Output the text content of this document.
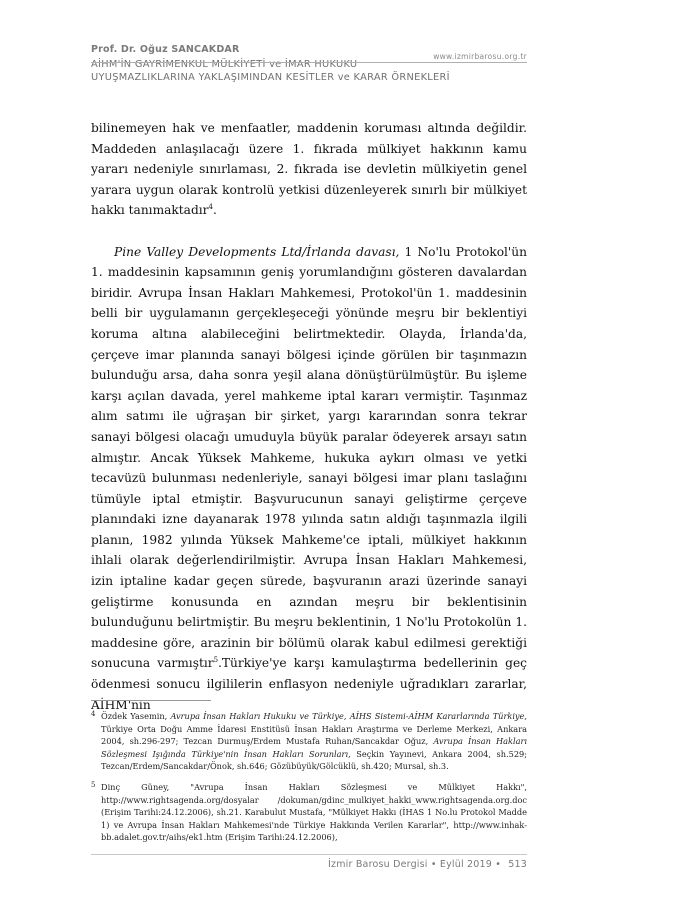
Prof. Dr. Oğuz SANCAKDAR
www.izmirbarosu.org.tr
AİHM'İN GAYRİMENKUL MÜLKİYETİ ve İMAR HUKUKU
UYUŞMAZLIKLARINA YAKLAŞIMINDAN KESİTLER ve KARAR ÖRNEKLERİ

bilinemeyen hak ve menfaatler, maddenin koruması altında değildir. Maddeden anlaşılacağı üzere 1. fıkrada mülkiyet hakkının kamu yararı nedeniyle sınırlaması, 2. fıkrada ise devletin mülkiyetin genel yarara uygun olarak kontrolü yetkisi düzenleyerek sınırlı bir mülkiyet hakkı tanımaktadır$^4$.

Pine Valley Developments Ltd/İrlanda davası, 1 No'lu Protokol'ün 1. maddesinin kapsamının geniş yorumlandığını gösteren davalardan biridir. Avrupa İnsan Hakları Mahkemesi, Protokol'ün 1. maddesinin belli bir uygulamanın gerçekleşeceği yönünde meşru bir beklentiyi koruma altına alabileceğini belirtmektedir. Olayda, İrlanda'da, çerçeve imar planında sanayi bölgesi içinde görülen bir taşınmazın bulunduğu arsa, daha sonra yeşil alana dönüştürülmüştür. Bu işleme karşı açılan davada, yerel mahkeme iptal kararı vermiştir. Taşınmaz alım satımı ile uğraşan bir şirket, yargı kararından sonra tekrar sanayi bölgesi olacağı umuduyla büyük paralar ödeyerek arsayı satın almıştır. Ancak Yüksek Mahkeme, hukuka aykırı olması ve yetki tecavüzü bulunması nedenleriyle, sanayi bölgesi imar planı taslağını tümüyle iptal etmiştir. Başvurucunun sanayi geliştirme çerçeve planındaki izne dayanarak 1978 yılında satın aldığı taşınmazla ilgili planın, 1982 yılında Yüksek Mahkeme'ce iptali, mülkiyet hakkının ihlali olarak değerlendirilmiştir. Avrupa İnsan Hakları Mahkemesi, izin iptaline kadar geçen sürede, başvuranın arazi üzerinde sanayi geliştirme konusunda en azından meşru bir beklentisinin bulunduğunu belirtmiştir. Bu meşru beklentinin, 1 No'lu Protokolün 1. maddesine göre, arazinin bir bölümü olarak kabul edilmesi gerektiği sonucuna varmıştır$^5$.Türkiye'ye karşı kamulaştırma bedellerinin geç ödenmesi sonucu ilgililerin enflasyon nedeniyle uğradıkları zararlar, AİHM'nin

4 Özdek Yasemin, Avrupa İnsan Hakları Hukuku ve Türkiye, AİHS Sistemi-AİHM Kararlarında Türkiye, Türkiye Orta Doğu Amme İdaresi Enstitüsü İnsan Hakları Araştırma ve Derleme Merkezi, Ankara 2004, sh.296-297; Tezcan Durmuş/Erdem Mustafa Ruhan/Sancakdar Oğuz, Avrupa İnsan Hakları Sözleşmesi Işığında Türkiye'nin İnsan Hakları Sorunları, Seçkin Yayınevi, Ankara 2004, sh.529; Tezcan/Erdem/Sancakdar/Önok, sh.646; Gözübüyük/Gölcüklü, sh.420; Mursal, sh.3.
5 Dinç Güney, "Avrupa İnsan Hakları Sözleşmesi ve Mülkiyet Hakkı", http://www.rightsagenda.org/dosyalar /dokuman/gdinc_mulkiyet_hakki_www.rightsagenda.org.doc (Erişim Tarihi:24.12.2006), sh.21. Karabulut Mustafa, "Mülkiyet Hakkı (İHAS 1 No.lu Protokol Madde 1) ve Avrupa İnsan Hakları Mahkemesi'nde Türkiye Hakkında Verilen Kararlar", http://www.inhak-bb.adalet.gov.tr/aihs/ek1.htm (Erişim Tarihi:24.12.2006),
İzmir Barosu Dergisi • Eylül 2019 • 513
